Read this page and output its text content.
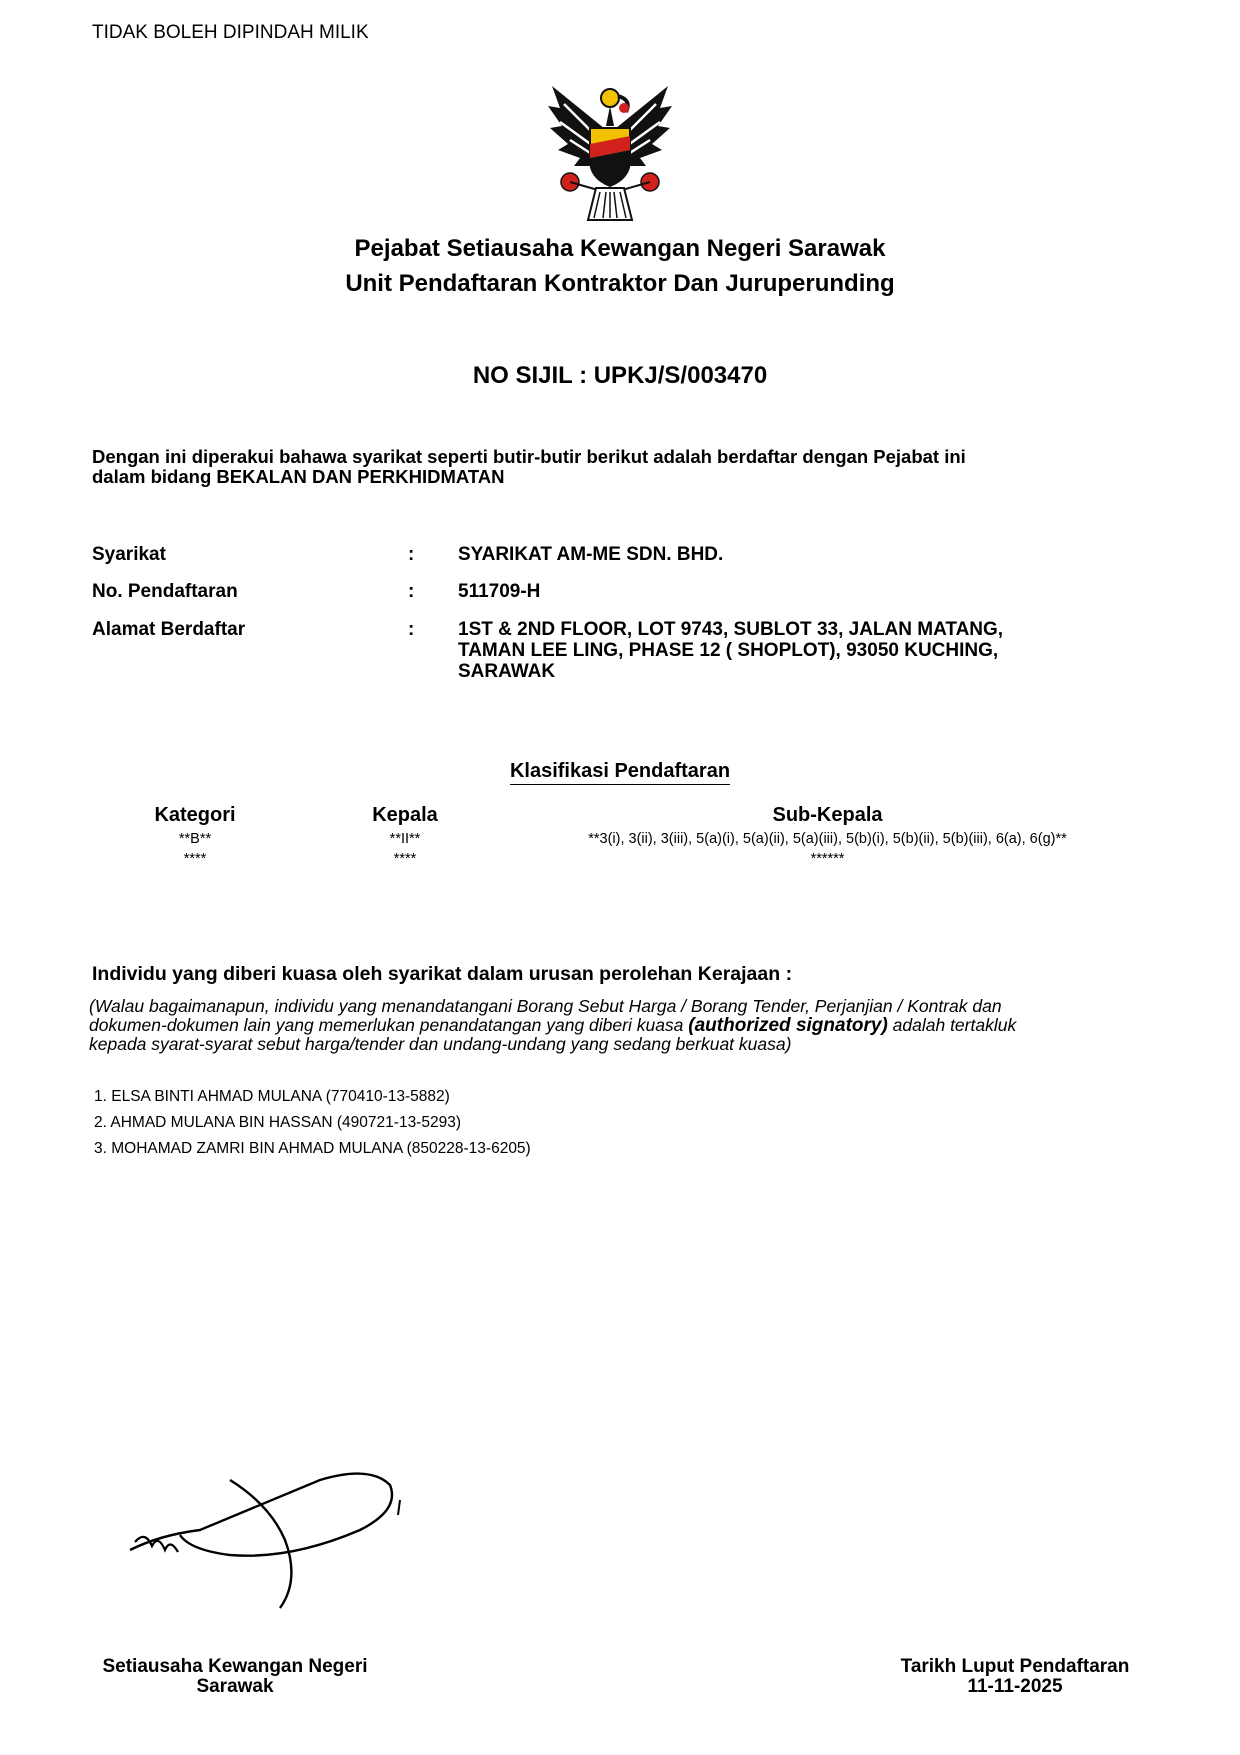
TIDAK BOLEH DIPINDAH MILIK
Pejabat Setiausaha Kewangan Negeri Sarawak
Unit Pendaftaran Kontraktor Dan Juruperunding
NO SIJIL : UPKJ/S/003470
Dengan ini diperakui bahawa syarikat seperti butir-butir berikut adalah berdaftar dengan Pejabat ini
dalam bidang BEKALAN DAN PERKHIDMATAN
Syarikat	: SYARIKAT AM-ME SDN. BHD.
No. Pendaftaran	: 511709-H
Alamat Berdaftar	: 1ST & 2ND FLOOR, LOT 9743, SUBLOT 33, JALAN MATANG,
TAMAN LEE LING, PHASE 12 ( SHOPLOT), 93050 KUCHING,
SARAWAK
Klasifikasi Pendaftaran
Kategori	Kepala	Sub-Kepala
**B**	**II**	**3(i), 3(ii), 3(iii), 5(a)(i), 5(a)(ii), 5(a)(iii), 5(b)(i), 5(b)(ii), 5(b)(iii), 6(a), 6(g)**
****	****	******
Individu yang diberi kuasa oleh syarikat dalam urusan perolehan Kerajaan :
(Walau bagaimanapun, individu yang menandatangani Borang Sebut Harga / Borang Tender, Perjanjian / Kontrak dan
dokumen-dokumen lain yang memerlukan penandatangan yang diberi kuasa (authorized signatory) adalah tertakluk
kepada syarat-syarat sebut harga/tender dan undang-undang yang sedang berkuat kuasa)
1. ELSA BINTI AHMAD MULANA (770410-13-5882)
2. AHMAD MULANA BIN HASSAN (490721-13-5293)
3. MOHAMAD ZAMRI BIN AHMAD MULANA (850228-13-6205)
Setiausaha Kewangan Negeri
Sarawak
Tarikh Luput Pendaftaran
11-11-2025
